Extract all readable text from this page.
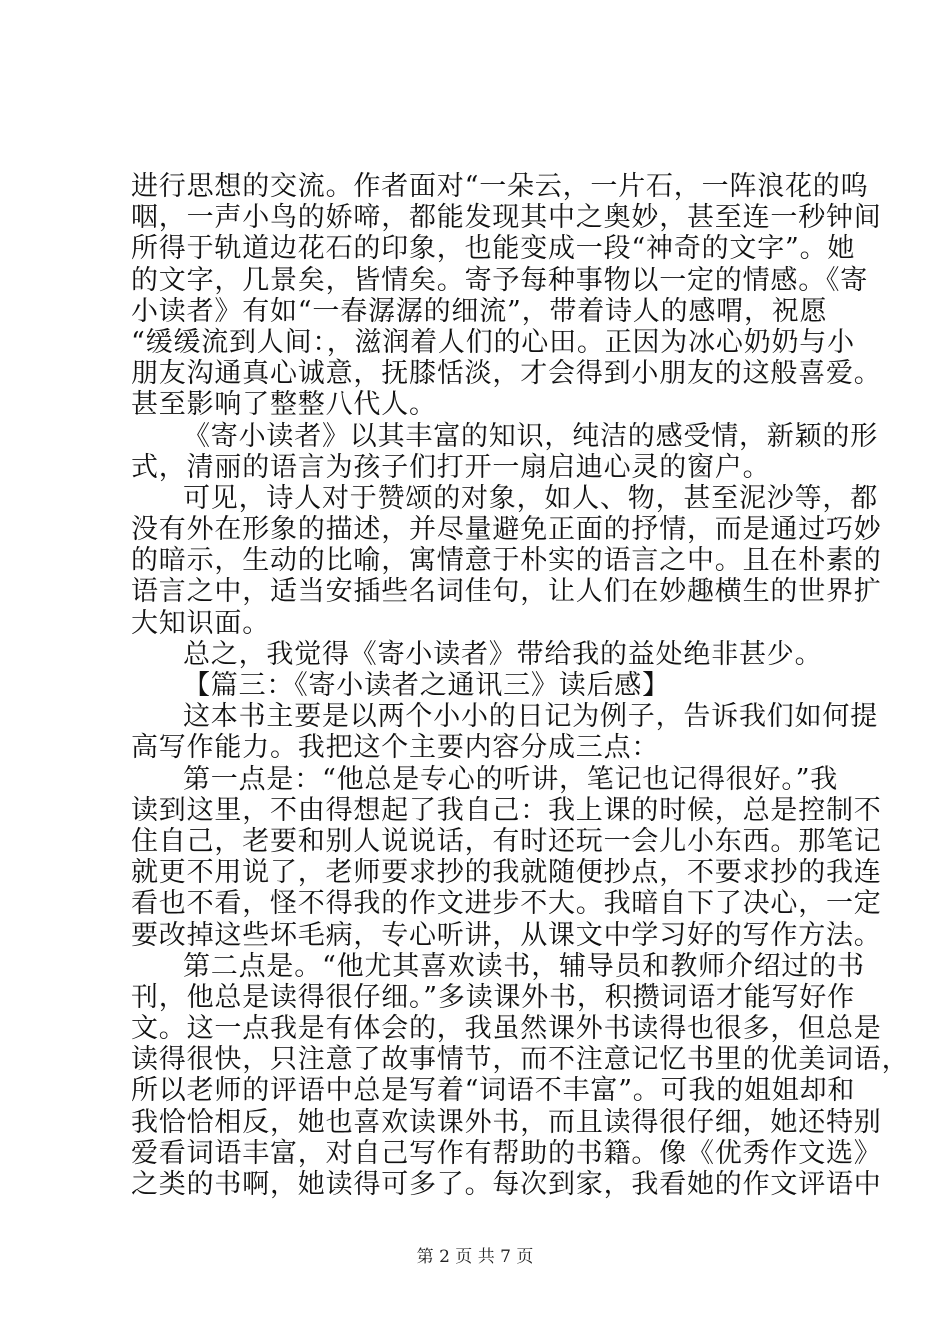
进行思想的交流。作者面对“一朵云，一片石，一阵浪花的呜
咽，一声小鸟的娇啼，都能发现其中之奥妙，甚至连一秒钟间
所得于轨道边花石的印象，也能变成一段“神奇的文字”。她
的文字，几景矣，皆情矣。寄予每种事物以一定的情感。《寄
小读者》有如“一春潺潺的细流”，带着诗人的感喟，祝愿
“缓缓流到人间：，滋润着人们的心田。正因为冰心奶奶与小
朋友沟通真心诚意，抚膝恬淡，才会得到小朋友的这般喜爱。
甚至影响了整整八代人。
《寄小读者》以其丰富的知识，纯洁的感受情，新颖的形
式，清丽的语言为孩子们打开一扇启迪心灵的窗户。
可见，诗人对于赞颂的对象，如人、物，甚至泥沙等，都
没有外在形象的描述，并尽量避免正面的抒情，而是通过巧妙
的暗示，生动的比喻，寓情意于朴实的语言之中。且在朴素的
语言之中，适当安插些名词佳句，让人们在妙趣横生的世界扩
大知识面。
总之，我觉得《寄小读者》带给我的益处绝非甚少。
【篇三：《寄小读者之通讯三》读后感】
这本书主要是以两个小小的日记为例子，告诉我们如何提
高写作能力。我把这个主要内容分成三点：
第一点是：“他总是专心的听讲，笔记也记得很好。”我
读到这里，不由得想起了我自己：我上课的时候，总是控制不
住自己，老要和别人说说话，有时还玩一会儿小东西。那笔记
就更不用说了，老师要求抄的我就随便抄点，不要求抄的我连
看也不看，怪不得我的作文进步不大。我暗自下了决心，一定
要改掉这些坏毛病，专心听讲，从课文中学习好的写作方法。
第二点是。“他尤其喜欢读书，辅导员和教师介绍过的书
刊，他总是读得很仔细。”多读课外书，积攒词语才能写好作
文。这一点我是有体会的，我虽然课外书读得也很多，但总是
读得很快，只注意了故事情节，而不注意记忆书里的优美词语，
所以老师的评语中总是写着“词语不丰富”。可我的姐姐却和
我恰恰相反，她也喜欢读课外书，而且读得很仔细，她还特别
爱看词语丰富，对自己写作有帮助的书籍。像《优秀作文选》
之类的书啊，她读得可多了。每次到家，我看她的作文评语中
第 2 页 共 7 页
